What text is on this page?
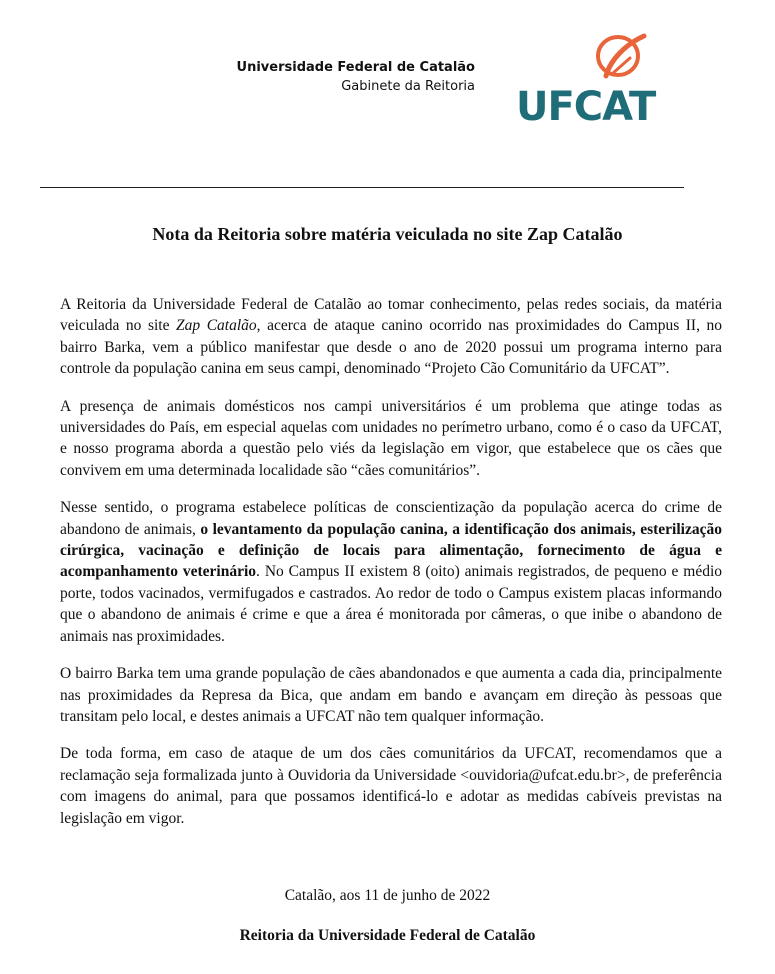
Universidade Federal de Catalão
Gabinete da Reitoria UFCAT
Nota da Reitoria sobre matéria veiculada no site Zap Catalão

A Reitoria da Universidade Federal de Catalão ao tomar conhecimento, pelas redes sociais, da matéria veiculada no site Zap Catalão, acerca de ataque canino ocorrido nas proximidades do Campus II, no bairro Barka, vem a público manifestar que desde o ano de 2020 possui um programa interno para controle da população canina em seus campi, denominado “Projeto Cão Comunitário da UFCAT”.

A presença de animais domésticos nos campi universitários é um problema que atinge todas as universidades do País, em especial aquelas com unidades no perímetro urbano, como é o caso da UFCAT, e nosso programa aborda a questão pelo viés da legislação em vigor, que estabelece que os cães que convivem em uma determinada localidade são “cães comunitários”.

Nesse sentido, o programa estabelece políticas de conscientização da população acerca do crime de abandono de animais, o levantamento da população canina, a identificação dos animais, esterilização cirúrgica, vacinação e definição de locais para alimentação, fornecimento de água e acompanhamento veterinário. No Campus II existem 8 (oito) animais registrados, de pequeno e médio porte, todos vacinados, vermifugados e castrados. Ao redor de todo o Campus existem placas informando que o abandono de animais é crime e que a área é monitorada por câmeras, o que inibe o abandono de animais nas proximidades.

O bairro Barka tem uma grande população de cães abandonados e que aumenta a cada dia, principalmente nas proximidades da Represa da Bica, que andam em bando e avançam em direção às pessoas que transitam pelo local, e destes animais a UFCAT não tem qualquer informação.

De toda forma, em caso de ataque de um dos cães comunitários da UFCAT, recomendamos que a reclamação seja formalizada junto à Ouvidoria da Universidade <ouvidoria@ufcat.edu.br>, de preferência com imagens do animal, para que possamos identificá-lo e adotar as medidas cabíveis previstas na legislação em vigor.

Catalão, aos 11 de junho de 2022
Reitoria da Universidade Federal de Catalão
